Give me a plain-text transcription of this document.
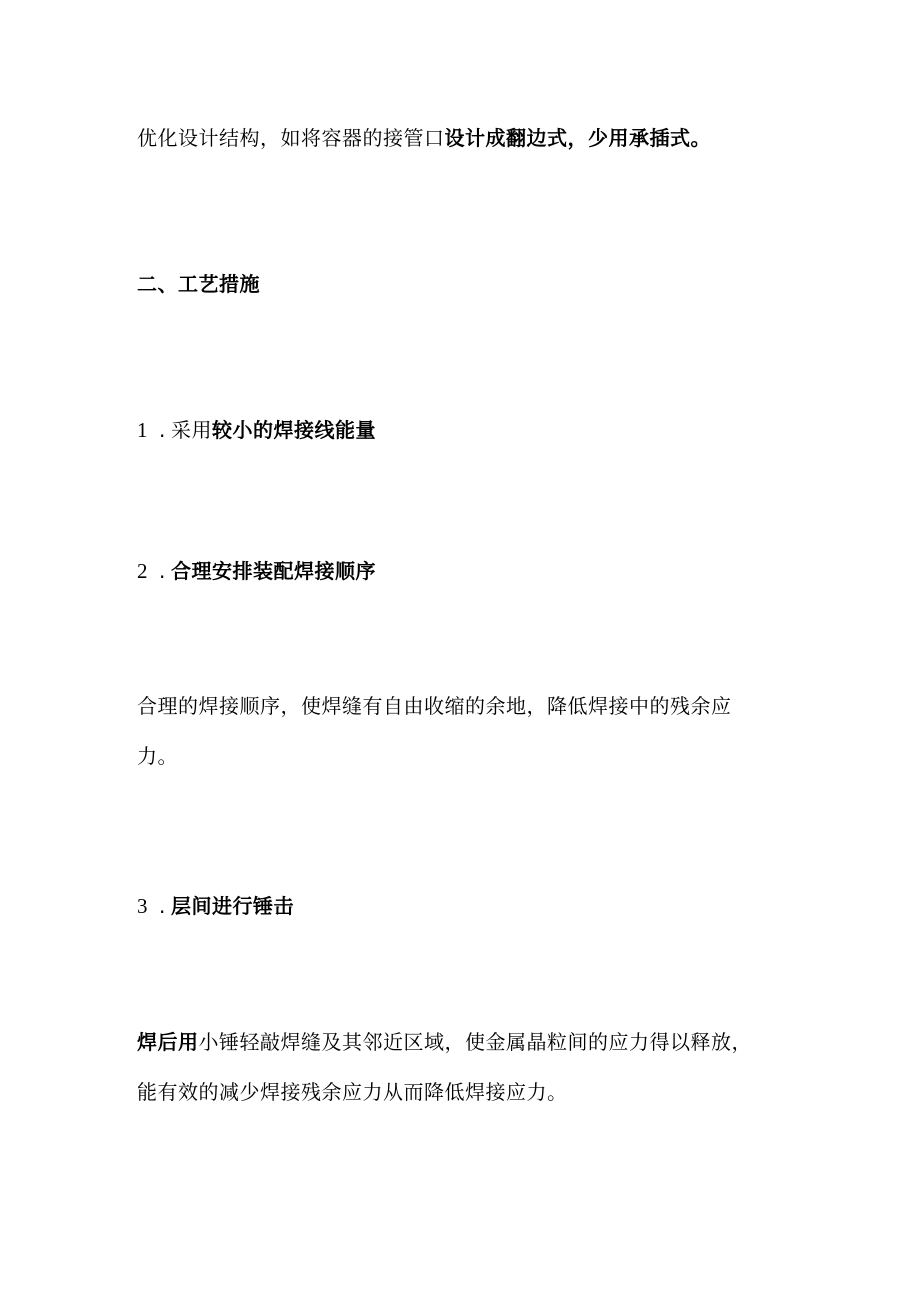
优化设计结构，如将容器的接管口设计成翻边式，少用承插式。
二、工艺措施
1 . 采用较小的焊接线能量
2 . 合理安排装配焊接顺序
合理的焊接顺序，使焊缝有自由收缩的余地，降低焊接中的残余应
力。
3 . 层间进行锤击
焊后用小锤轻敲焊缝及其邻近区域，使金属晶粒间的应力得以释放，
能有效的减少焊接残余应力从而降低焊接应力。
